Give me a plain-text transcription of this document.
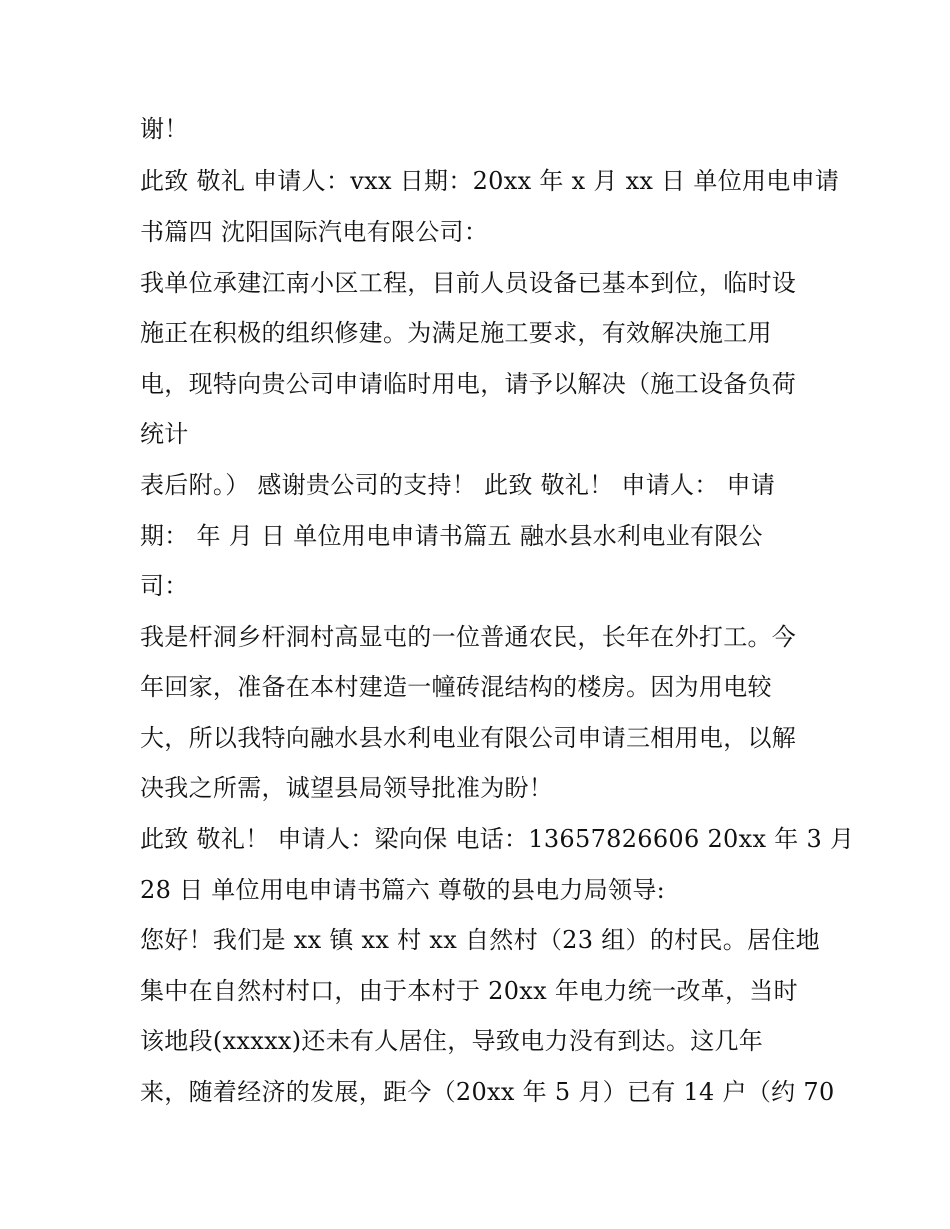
谢！
此致 敬礼 申请人：vxx 日期：20xx 年 x 月 xx 日 单位用电申请
书篇四 沈阳国际汽电有限公司：
我单位承建江南小区工程，目前人员设备已基本到位，临时设
施正在积极的组织修建。为满足施工要求，有效解决施工用
电，现特向贵公司申请临时用电，请予以解决（施工设备负荷
统计
表后附。） 感谢贵公司的支持！ 此致 敬礼！ 申请人： 申请
期： 年 月 日 单位用电申请书篇五 融水县水利电业有限公
司：
我是杆洞乡杆洞村高显屯的一位普通农民，长年在外打工。今
年回家，准备在本村建造一幢砖混结构的楼房。因为用电较
大，所以我特向融水县水利电业有限公司申请三相用电，以解
决我之所需，诚望县局领导批准为盼！
此致 敬礼！ 申请人：梁向保 电话：13657826606 20xx 年 3 月
28 日 单位用电申请书篇六 尊敬的县电力局领导:
您好！我们是 xx 镇 xx 村 xx 自然村（23 组）的村民。居住地
集中在自然村村口，由于本村于 20xx 年电力统一改革，当时
该地段(xxxxx)还未有人居住，导致电力没有到达。这几年
来，随着经济的发展，距今（20xx 年 5 月）已有 14 户（约 70
